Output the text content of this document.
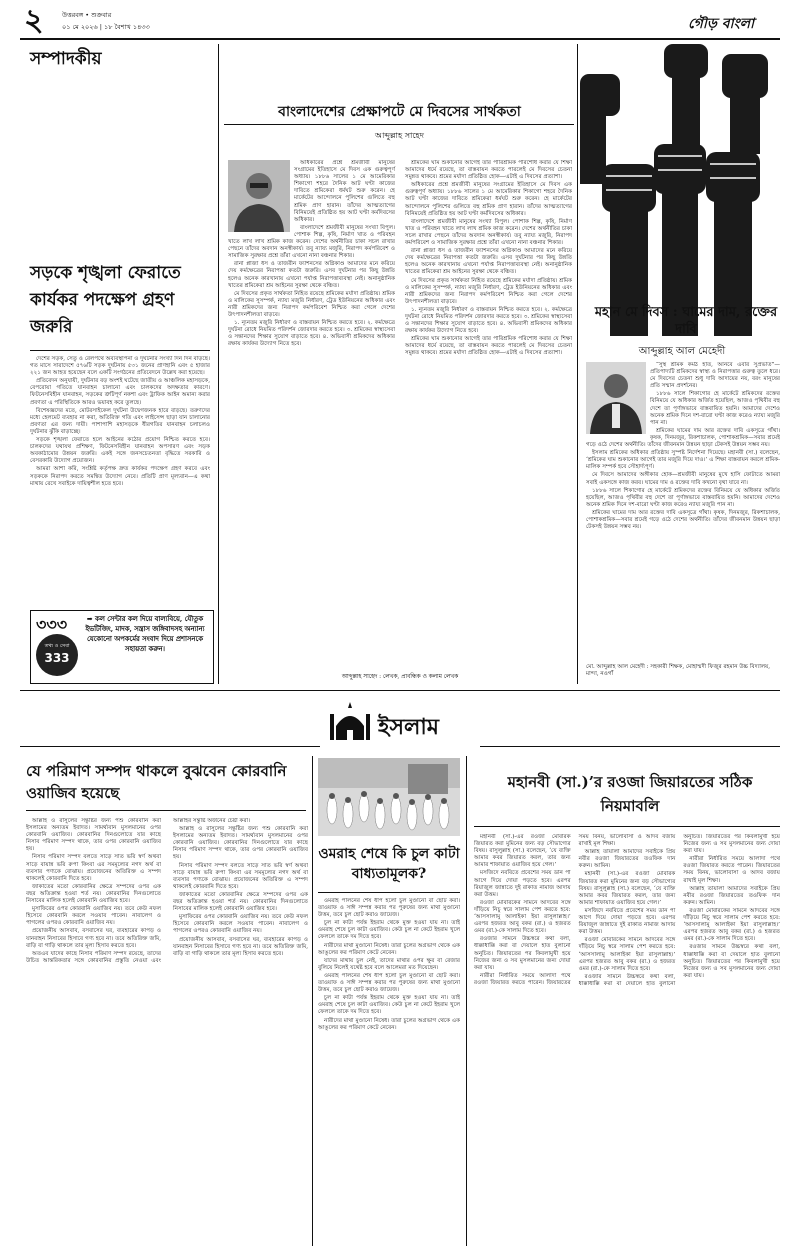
২	উত্তরবঙ্গ • শুক্রবার
০১ মে ২০২৬ | ১৮ বৈশাখ ১৪৩৩	গৌড় বাংলা
সম্পাদকীয়
সড়কে শৃঙ্খলা ফেরাতে কার্যকর পদক্ষেপ গ্রহণ জরুরি

দেশের সড়ক, সেতু ও রেলপথে অব্যবস্থাপনা ও দুর্ঘটনার সংখ্যা দিন দিন বাড়ছে। গত মাসে সারাদেশে ৫৭৬টি সড়ক দুর্ঘটনায় ৫৩১ জনের প্রাণহানি এবং ৫ হাজার ২২১ জন আহত হয়েছেন বলে একটি সংগঠনের প্রতিবেদনে উল্লেখ করা হয়েছে।

প্রতিবেদন অনুযায়ী, দুর্ঘটনার বড় অংশই ঘটেছে জাতীয় ও আঞ্চলিক মহাসড়কে, বেপরোয়া গতিতে যানবাহন চালানো এবং চালকদের অদক্ষতার কারণে। ফিটনেসবিহীন যানবাহন, সড়কের ত্রুটিপূর্ণ নকশা এবং ট্রাফিক আইন অমান্য করার প্রবণতা এ পরিস্থিতিকে আরও ভয়াবহ করে তুলছে।

বিশেষজ্ঞদের মতে, মোটরসাইকেল দুর্ঘটনা উদ্বেগজনক হারে বাড়ছে। তরুণদের মধ্যে হেলমেট ব্যবহার না করা, অতিরিক্ত গতি এবং লাইসেন্স ছাড়া যান চালানোর প্রবণতা এর জন্য দায়ী। পাশাপাশি মহাসড়কে ধীরগতির যানবাহন চলাচলও দুর্ঘটনার ঝুঁকি বাড়াচ্ছে।

সড়কে শৃঙ্খলা ফেরাতে হলে আইনের কঠোর প্রয়োগ নিশ্চিত করতে হবে। চালকদের যথাযথ প্রশিক্ষণ, ফিটনেসবিহীন যানবাহন অপসারণ এবং সড়ক অবকাঠামোর উন্নয়ন জরুরি। একই সঙ্গে জনসচেতনতা বৃদ্ধিতে সরকারি ও বেসরকারি উদ্যোগ প্রয়োজন।

আমরা আশা করি, সংশ্লিষ্ট কর্তৃপক্ষ দ্রুত কার্যকর পদক্ষেপ গ্রহণ করবে এবং সড়ককে নিরাপদ করতে সমন্বিত উদ্যোগ নেবে। প্রতিটি প্রাণ মূল্যবান—এ কথা মাথায় রেখে সবাইকে দায়িত্বশীল হতে হবে।

৩৩৩
তথ্য ও সেবা
333
➡ কল সেন্টার কল দিয়ে বাল্যবিয়ে, যৌতুক ইভটিজিং, মাদক, সন্ত্রাস জঙ্গিবাদসহ অন্যান্য যেকোনো অপকর্মের সংবাদ দিয়ে প্রশাসনকে সহায়তা করুন।
বাংলাদেশের প্রেক্ষাপটে মে দিবসের সার্থকতা
আব্দুল্লাহ সাহেদ

অধিকারের প্রশ্নে শ্রমজীবী মানুষের সংগ্রামের ইতিহাসে মে দিবস এক গুরুত্বপূর্ণ অধ্যায়। ১৮৮৬ সালের ১ মে আমেরিকার শিকাগো শহরে দৈনিক আট ঘণ্টা কাজের দাবিতে শ্রমিকেরা ধর্মঘট শুরু করেন। হে মার্কেটের আন্দোলনে পুলিশের গুলিতে বহু শ্রমিক প্রাণ হারান। তাঁদের আত্মত্যাগের বিনিময়েই প্রতিষ্ঠিত হয় আট ঘণ্টা কর্মদিবসের অধিকার।

বাংলাদেশে শ্রমজীবী মানুষের সংখ্যা বিপুল। পোশাক শিল্প, কৃষি, নির্মাণ খাত ও পরিবহন খাতে লাখ লাখ শ্রমিক কাজ করেন। দেশের অর্থনীতির চাকা সচল রাখার পেছনে তাঁদের অবদান অনস্বীকার্য। তবু ন্যায্য মজুরি, নিরাপদ কর্মপরিবেশ ও সামাজিক সুরক্ষার প্রশ্নে তাঁরা এখনো নানা বঞ্চনার শিকার।

রানা প্লাজা ধস ও তাজরীন ফ্যাশনসের অগ্নিকাণ্ড আমাদের মনে করিয়ে দেয় কর্মক্ষেত্রের নিরাপত্তা কতটা জরুরি। এসব দুর্ঘটনার পর কিছু উন্নতি হলেও অনেক কারখানায় এখনো পর্যাপ্ত নিরাপত্তাব্যবস্থা নেই। অনানুষ্ঠানিক খাতের শ্রমিকেরা শ্রম আইনের সুরক্ষা থেকে বঞ্চিত।

মে দিবসের প্রকৃত সার্থকতা নিহিত রয়েছে শ্রমিকের মর্যাদা প্রতিষ্ঠায়। শ্রমিক ও মালিকের সুসম্পর্ক, ন্যায্য মজুরি নির্ধারণ, ট্রেড ইউনিয়নের অধিকার এবং নারী শ্রমিকদের জন্য নিরাপদ কর্মপরিবেশ নিশ্চিত করা গেলে দেশের উৎপাদনশীলতা বাড়বে।

১. ন্যূনতম মজুরি নির্ধারণ ও বাস্তবায়ন নিশ্চিত করতে হবে। ২. কর্মক্ষেত্রে দুর্ঘটনা রোধে নিয়মিত পরিদর্শন জোরদার করতে হবে। ৩. শ্রমিকের স্বাস্থ্যসেবা ও সন্তানদের শিক্ষার সুযোগ বাড়াতে হবে। ৪. অভিবাসী শ্রমিকদের অধিকার রক্ষায় কার্যকর উদ্যোগ নিতে হবে।

শ্রমিকের ঘাম শুকানোর আগেই তার পারিশ্রমিক পরিশোধ করার যে শিক্ষা আমাদের ধর্মে রয়েছে, তা বাস্তবায়ন করতে পারলেই মে দিবসের চেতনা সমুন্নত থাকবে। শ্রমের মর্যাদা প্রতিষ্ঠিত হোক—এটাই এ দিবসের প্রত্যাশা।

অধিকারের প্রশ্নে শ্রমজীবী মানুষের সংগ্রামের ইতিহাসে মে দিবস এক গুরুত্বপূর্ণ অধ্যায়। ১৮৮৬ সালের ১ মে আমেরিকার শিকাগো শহরে দৈনিক আট ঘণ্টা কাজের দাবিতে শ্রমিকেরা ধর্মঘট শুরু করেন। হে মার্কেটের আন্দোলনে পুলিশের গুলিতে বহু শ্রমিক প্রাণ হারান। তাঁদের আত্মত্যাগের বিনিময়েই প্রতিষ্ঠিত হয় আট ঘণ্টা কর্মদিবসের অধিকার।

বাংলাদেশে শ্রমজীবী মানুষের সংখ্যা বিপুল। পোশাক শিল্প, কৃষি, নির্মাণ খাত ও পরিবহন খাতে লাখ লাখ শ্রমিক কাজ করেন। দেশের অর্থনীতির চাকা সচল রাখার পেছনে তাঁদের অবদান অনস্বীকার্য। তবু ন্যায্য মজুরি, নিরাপদ কর্মপরিবেশ ও সামাজিক সুরক্ষার প্রশ্নে তাঁরা এখনো নানা বঞ্চনার শিকার।

রানা প্লাজা ধস ও তাজরীন ফ্যাশনসের অগ্নিকাণ্ড আমাদের মনে করিয়ে দেয় কর্মক্ষেত্রের নিরাপত্তা কতটা জরুরি। এসব দুর্ঘটনার পর কিছু উন্নতি হলেও অনেক কারখানায় এখনো পর্যাপ্ত নিরাপত্তাব্যবস্থা নেই। অনানুষ্ঠানিক খাতের শ্রমিকেরা শ্রম আইনের সুরক্ষা থেকে বঞ্চিত।

মে দিবসের প্রকৃত সার্থকতা নিহিত রয়েছে শ্রমিকের মর্যাদা প্রতিষ্ঠায়। শ্রমিক ও মালিকের সুসম্পর্ক, ন্যায্য মজুরি নির্ধারণ, ট্রেড ইউনিয়নের অধিকার এবং নারী শ্রমিকদের জন্য নিরাপদ কর্মপরিবেশ নিশ্চিত করা গেলে দেশের উৎপাদনশীলতা বাড়বে।

১. ন্যূনতম মজুরি নির্ধারণ ও বাস্তবায়ন নিশ্চিত করতে হবে। ২. কর্মক্ষেত্রে দুর্ঘটনা রোধে নিয়মিত পরিদর্শন জোরদার করতে হবে। ৩. শ্রমিকের স্বাস্থ্যসেবা ও সন্তানদের শিক্ষার সুযোগ বাড়াতে হবে। ৪. অভিবাসী শ্রমিকদের অধিকার রক্ষায় কার্যকর উদ্যোগ নিতে হবে।

শ্রমিকের ঘাম শুকানোর আগেই তার পারিশ্রমিক পরিশোধ করার যে শিক্ষা আমাদের ধর্মে রয়েছে, তা বাস্তবায়ন করতে পারলেই মে দিবসের চেতনা সমুন্নত থাকবে। শ্রমের মর্যাদা প্রতিষ্ঠিত হোক—এটাই এ দিবসের প্রত্যাশা।

আব্দুল্লাহ সাহেদ : লেখক, প্রাবন্ধিক ও কলাম লেখক
মহান মে দিবস : ঘামের দাম, রক্তের দাবি
আব্দুল্লাহ আল মেহেদী

“সুস্থ শ্রমিক কর্মঠ হাত, আনবে এবার সুপ্রভাত”—প্রতিপাদ্যটি শ্রমিকদের স্বাস্থ্য ও নিরাপত্তার গুরুত্ব তুলে ধরে। মে দিবসের চেতনা শুধু দাবি আদায়ের নয়, বরং মানুষের প্রতি সম্মান প্রদর্শনের।

১৮৮৬ সালে শিকাগোর হে মার্কেটে শ্রমিকদের রক্তের বিনিময়ে যে অধিকার অর্জিত হয়েছিল, আজও পৃথিবীর বহু দেশে তা পূর্ণাঙ্গভাবে বাস্তবায়িত হয়নি। আমাদের দেশেও অনেক শ্রমিক দিনে দশ-বারো ঘণ্টা কাজ করেও ন্যায্য মজুরি পান না।

শ্রমিকের ঘামের দাম আর রক্তের দাবি একসূত্রে গাঁথা। কৃষক, দিনমজুর, রিকশাচালক, পোশাকশ্রমিক—সবার শ্রমেই গড়ে ওঠে দেশের অর্থনীতি। তাঁদের জীবনমান উন্নয়ন ছাড়া টেকসই উন্নয়ন সম্ভব নয়।

ইসলাম শ্রমিকের অধিকার প্রতিষ্ঠায় সুস্পষ্ট নির্দেশনা দিয়েছে। মহানবী (সা.) বলেছেন, ‘শ্রমিকের ঘাম শুকানোর আগেই তার মজুরি দিয়ে দাও।’ এ শিক্ষা বাস্তবায়ন করলে শ্রমিক-মালিক সম্পর্ক হবে সৌহার্দ্যপূর্ণ।

মে দিবসে আমাদের অঙ্গীকার হোক—শ্রমজীবী মানুষের মুখে হাসি ফোটাতে আমরা সবাই একসঙ্গে কাজ করব। ঘামের দাম ও রক্তের দাবি কখনো বৃথা যাবে না।

১৮৮৬ সালে শিকাগোর হে মার্কেটে শ্রমিকদের রক্তের বিনিময়ে যে অধিকার অর্জিত হয়েছিল, আজও পৃথিবীর বহু দেশে তা পূর্ণাঙ্গভাবে বাস্তবায়িত হয়নি। আমাদের দেশেও অনেক শ্রমিক দিনে দশ-বারো ঘণ্টা কাজ করেও ন্যায্য মজুরি পান না।

শ্রমিকের ঘামের দাম আর রক্তের দাবি একসূত্রে গাঁথা। কৃষক, দিনমজুর, রিকশাচালক, পোশাকশ্রমিক—সবার শ্রমেই গড়ে ওঠে দেশের অর্থনীতি। তাঁদের জীবনমান উন্নয়ন ছাড়া টেকসই উন্নয়ন সম্ভব নয়।

মো. আব্দুল্লাহ আল মেহেদী : সহকারী শিক্ষক, মোহাম্মদী ফিজুর রহমান উচ্চ বিদ্যালয়, মান্দা, নওগাঁ
ইসলাম
যে পরিমাণ সম্পদ থাকলে বুঝবেন কোরবানি ওয়াজিব হয়েছে

আল্লাহ ও রাসুলের সন্তুষ্টির জন্য পশু কোরবানি করা ইসলামের অন্যতম ইবাদত। সামর্থ্যবান মুসলমানের ওপর কোরবানি ওয়াজিব। কোরবানির দিনগুলোতে যার কাছে নিসাব পরিমাণ সম্পদ থাকে, তার ওপর কোরবানি ওয়াজিব হয়।

নিসাব পরিমাণ সম্পদ বলতে সাড়ে সাত ভরি স্বর্ণ অথবা সাড়ে বায়ান্ন ভরি রুপা কিংবা এর সমমূল্যের নগদ অর্থ বা ব্যবসার পণ্যকে বোঝায়। প্রয়োজনের অতিরিক্ত এ সম্পদ থাকলেই কোরবানি দিতে হবে।

জাকাতের মতো কোরবানির ক্ষেত্রে সম্পদের ওপর এক বছর অতিক্রান্ত হওয়া শর্ত নয়। কোরবানির দিনগুলোতে নিসাবের মালিক হলেই কোরবানি ওয়াজিব হবে।

মুসাফিরের ওপর কোরবানি ওয়াজিব নয়। তবে কেউ নফল হিসেবে কোরবানি করলে সওয়াব পাবেন। নাবালেগ ও পাগলের ওপরও কোরবানি ওয়াজিব নয়।

প্রয়োজনীয় আসবাব, বসবাসের ঘর, ব্যবহারের কাপড় ও যানবাহন নিসাবের হিসাবে গণ্য হবে না। তবে অতিরিক্ত জমি, বাড়ি বা গাড়ি থাকলে তার মূল্য হিসাব করতে হবে।

অতএব যাদের কাছে নিসাব পরিমাণ সম্পদ রয়েছে, তাদের উচিত আন্তরিকতার সঙ্গে কোরবানির প্রস্তুতি নেওয়া এবং আল্লাহর সন্তুষ্টি অর্জনের চেষ্টা করা।

আল্লাহ ও রাসুলের সন্তুষ্টির জন্য পশু কোরবানি করা ইসলামের অন্যতম ইবাদত। সামর্থ্যবান মুসলমানের ওপর কোরবানি ওয়াজিব। কোরবানির দিনগুলোতে যার কাছে নিসাব পরিমাণ সম্পদ থাকে, তার ওপর কোরবানি ওয়াজিব হয়।

নিসাব পরিমাণ সম্পদ বলতে সাড়ে সাত ভরি স্বর্ণ অথবা সাড়ে বায়ান্ন ভরি রুপা কিংবা এর সমমূল্যের নগদ অর্থ বা ব্যবসার পণ্যকে বোঝায়। প্রয়োজনের অতিরিক্ত এ সম্পদ থাকলেই কোরবানি দিতে হবে।

জাকাতের মতো কোরবানির ক্ষেত্রে সম্পদের ওপর এক বছর অতিক্রান্ত হওয়া শর্ত নয়। কোরবানির দিনগুলোতে নিসাবের মালিক হলেই কোরবানি ওয়াজিব হবে।

মুসাফিরের ওপর কোরবানি ওয়াজিব নয়। তবে কেউ নফল হিসেবে কোরবানি করলে সওয়াব পাবেন। নাবালেগ ও পাগলের ওপরও কোরবানি ওয়াজিব নয়।

প্রয়োজনীয় আসবাব, বসবাসের ঘর, ব্যবহারের কাপড় ও যানবাহন নিসাবের হিসাবে গণ্য হবে না। তবে অতিরিক্ত জমি, বাড়ি বা গাড়ি থাকলে তার মূল্য হিসাব করতে হবে।

ওমরাহ শেষে কি চুল কাটা বাধ্যতামূলক?

ওমরাহ পালনের শেষ ধাপ হলো চুল মুণ্ডানো বা ছোট করা। তাওয়াফ ও সাঈ সম্পন্ন করার পর পুরুষের জন্য মাথা মুণ্ডানো উত্তম, তবে চুল ছোট করাও জায়েজ।

চুল না কাটা পর্যন্ত ইহরাম থেকে মুক্ত হওয়া যায় না। তাই ওমরাহ শেষে চুল কাটা ওয়াজিব। কেউ চুল না কেটে ইহরাম খুলে ফেললে তাকে দম দিতে হবে।

নারীদের মাথা মুণ্ডানো নিষেধ। তারা চুলের অগ্রভাগ থেকে এক আঙুলের কর পরিমাণ কেটে নেবেন।

যাদের মাথায় চুল নেই, তাদের মাথার ওপর ক্ষুর বা রেজার বুলিয়ে নিলেই যথেষ্ট হবে বলে আলেমরা মত দিয়েছেন।

ওমরাহ পালনের শেষ ধাপ হলো চুল মুণ্ডানো বা ছোট করা। তাওয়াফ ও সাঈ সম্পন্ন করার পর পুরুষের জন্য মাথা মুণ্ডানো উত্তম, তবে চুল ছোট করাও জায়েজ।

চুল না কাটা পর্যন্ত ইহরাম থেকে মুক্ত হওয়া যায় না। তাই ওমরাহ শেষে চুল কাটা ওয়াজিব। কেউ চুল না কেটে ইহরাম খুলে ফেললে তাকে দম দিতে হবে।

নারীদের মাথা মুণ্ডানো নিষেধ। তারা চুলের অগ্রভাগ থেকে এক আঙুলের কর পরিমাণ কেটে নেবেন।

মহানবী (সা.)’র রওজা জিয়ারতের সঠিক নিয়মাবলি

মহানবী (সা.)-এর রওজা মোবারক জিয়ারত করা মুমিনের জন্য বড় সৌভাগ্যের বিষয়। রাসুলুল্লাহ (সা.) বলেছেন, ‘যে ব্যক্তি আমার কবর জিয়ারত করল, তার জন্য আমার শাফায়াত ওয়াজিব হয়ে গেল।’

মসজিদে নববিতে প্রবেশের সময় ডান পা আগে দিয়ে দোয়া পড়তে হবে। এরপর রিয়াজুল জান্নাতে দুই রাকাত নামাজ আদায় করা উত্তম।

রওজা মোবারকের সামনে আদবের সঙ্গে দাঁড়িয়ে নিচু স্বরে সালাম পেশ করতে হবে: ‘আসসালামু আলাইকা ইয়া রাসুলাল্লাহ।’ এরপর হজরত আবু বকর (রা.) ও হজরত ওমর (রা.)-কে সালাম দিতে হবে।

রওজার সামনে উচ্চস্বরে কথা বলা, ধাক্কাধাক্কি করা বা দেয়ালে হাত বুলানো অনুচিত। জিয়ারতের পর কিবলামুখী হয়ে নিজের জন্য ও সব মুসলমানের জন্য দোয়া করা যায়।

নারীরা নির্ধারিত সময়ে আলাদা পথে রওজা জিয়ারত করতে পারেন। জিয়ারতের সময় বিনয়, ভালোবাসা ও আদব বজায় রাখাই মূল শিক্ষা।

আল্লাহ তায়ালা আমাদের সবাইকে প্রিয় নবীর রওজা জিয়ারতের তওফিক দান করুন। আমিন।

মহানবী (সা.)-এর রওজা মোবারক জিয়ারত করা মুমিনের জন্য বড় সৌভাগ্যের বিষয়। রাসুলুল্লাহ (সা.) বলেছেন, ‘যে ব্যক্তি আমার কবর জিয়ারত করল, তার জন্য আমার শাফায়াত ওয়াজিব হয়ে গেল।’

মসজিদে নববিতে প্রবেশের সময় ডান পা আগে দিয়ে দোয়া পড়তে হবে। এরপর রিয়াজুল জান্নাতে দুই রাকাত নামাজ আদায় করা উত্তম।

রওজা মোবারকের সামনে আদবের সঙ্গে দাঁড়িয়ে নিচু স্বরে সালাম পেশ করতে হবে: ‘আসসালামু আলাইকা ইয়া রাসুলাল্লাহ।’ এরপর হজরত আবু বকর (রা.) ও হজরত ওমর (রা.)-কে সালাম দিতে হবে।

রওজার সামনে উচ্চস্বরে কথা বলা, ধাক্কাধাক্কি করা বা দেয়ালে হাত বুলানো অনুচিত। জিয়ারতের পর কিবলামুখী হয়ে নিজের জন্য ও সব মুসলমানের জন্য দোয়া করা যায়।

নারীরা নির্ধারিত সময়ে আলাদা পথে রওজা জিয়ারত করতে পারেন। জিয়ারতের সময় বিনয়, ভালোবাসা ও আদব বজায় রাখাই মূল শিক্ষা।

আল্লাহ তায়ালা আমাদের সবাইকে প্রিয় নবীর রওজা জিয়ারতের তওফিক দান করুন। আমিন।

রওজা মোবারকের সামনে আদবের সঙ্গে দাঁড়িয়ে নিচু স্বরে সালাম পেশ করতে হবে: ‘আসসালামু আলাইকা ইয়া রাসুলাল্লাহ।’ এরপর হজরত আবু বকর (রা.) ও হজরত ওমর (রা.)-কে সালাম দিতে হবে।

রওজার সামনে উচ্চস্বরে কথা বলা, ধাক্কাধাক্কি করা বা দেয়ালে হাত বুলানো অনুচিত। জিয়ারতের পর কিবলামুখী হয়ে নিজের জন্য ও সব মুসলমানের জন্য দোয়া করা যায়।
